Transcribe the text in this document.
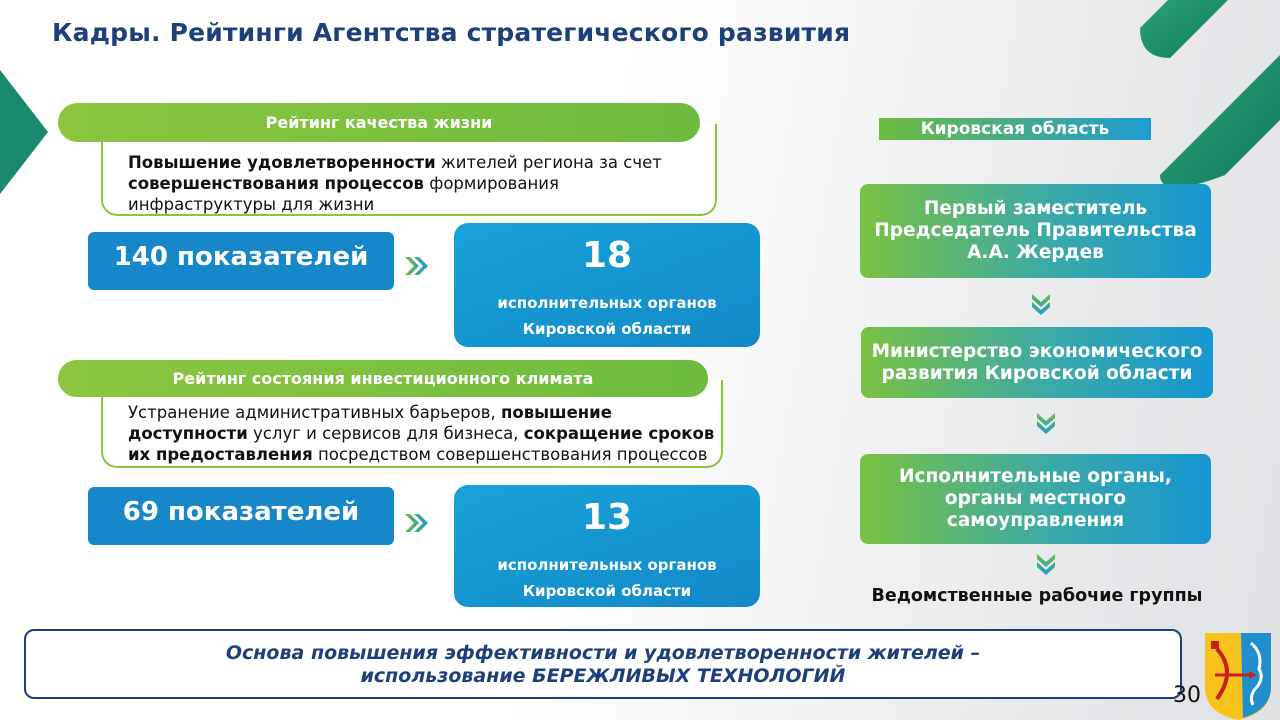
Кадры. Рейтинги Агентства стратегического развития
Повышение удовлетворенности жителей региона за счет
совершенствования процессов формирования инфраструктуры для жизни
Рейтинг качества жизни
140 показателей	18
исполнительных органов
Кировской области
Устранение административных барьеров, повышение доступности услуг и сервисов для бизнеса, сокращение сроков их предоставления посредством совершенствования процессов
Рейтинг состояния инвестиционного климата
69 показателей	13
исполнительных органов
Кировской области
Кировская область
Первый заместитель
Председатель Правительства
А.А. Жердев
Министерство экономического
развития Кировской области
Исполнительные органы,
органы местного
самоуправления
Ведомственные рабочие группы
Основа повышения эффективности и удовлетворенности жителей –
использование БЕРЕЖЛИВЫХ ТЕХНОЛОГИЙ
30
